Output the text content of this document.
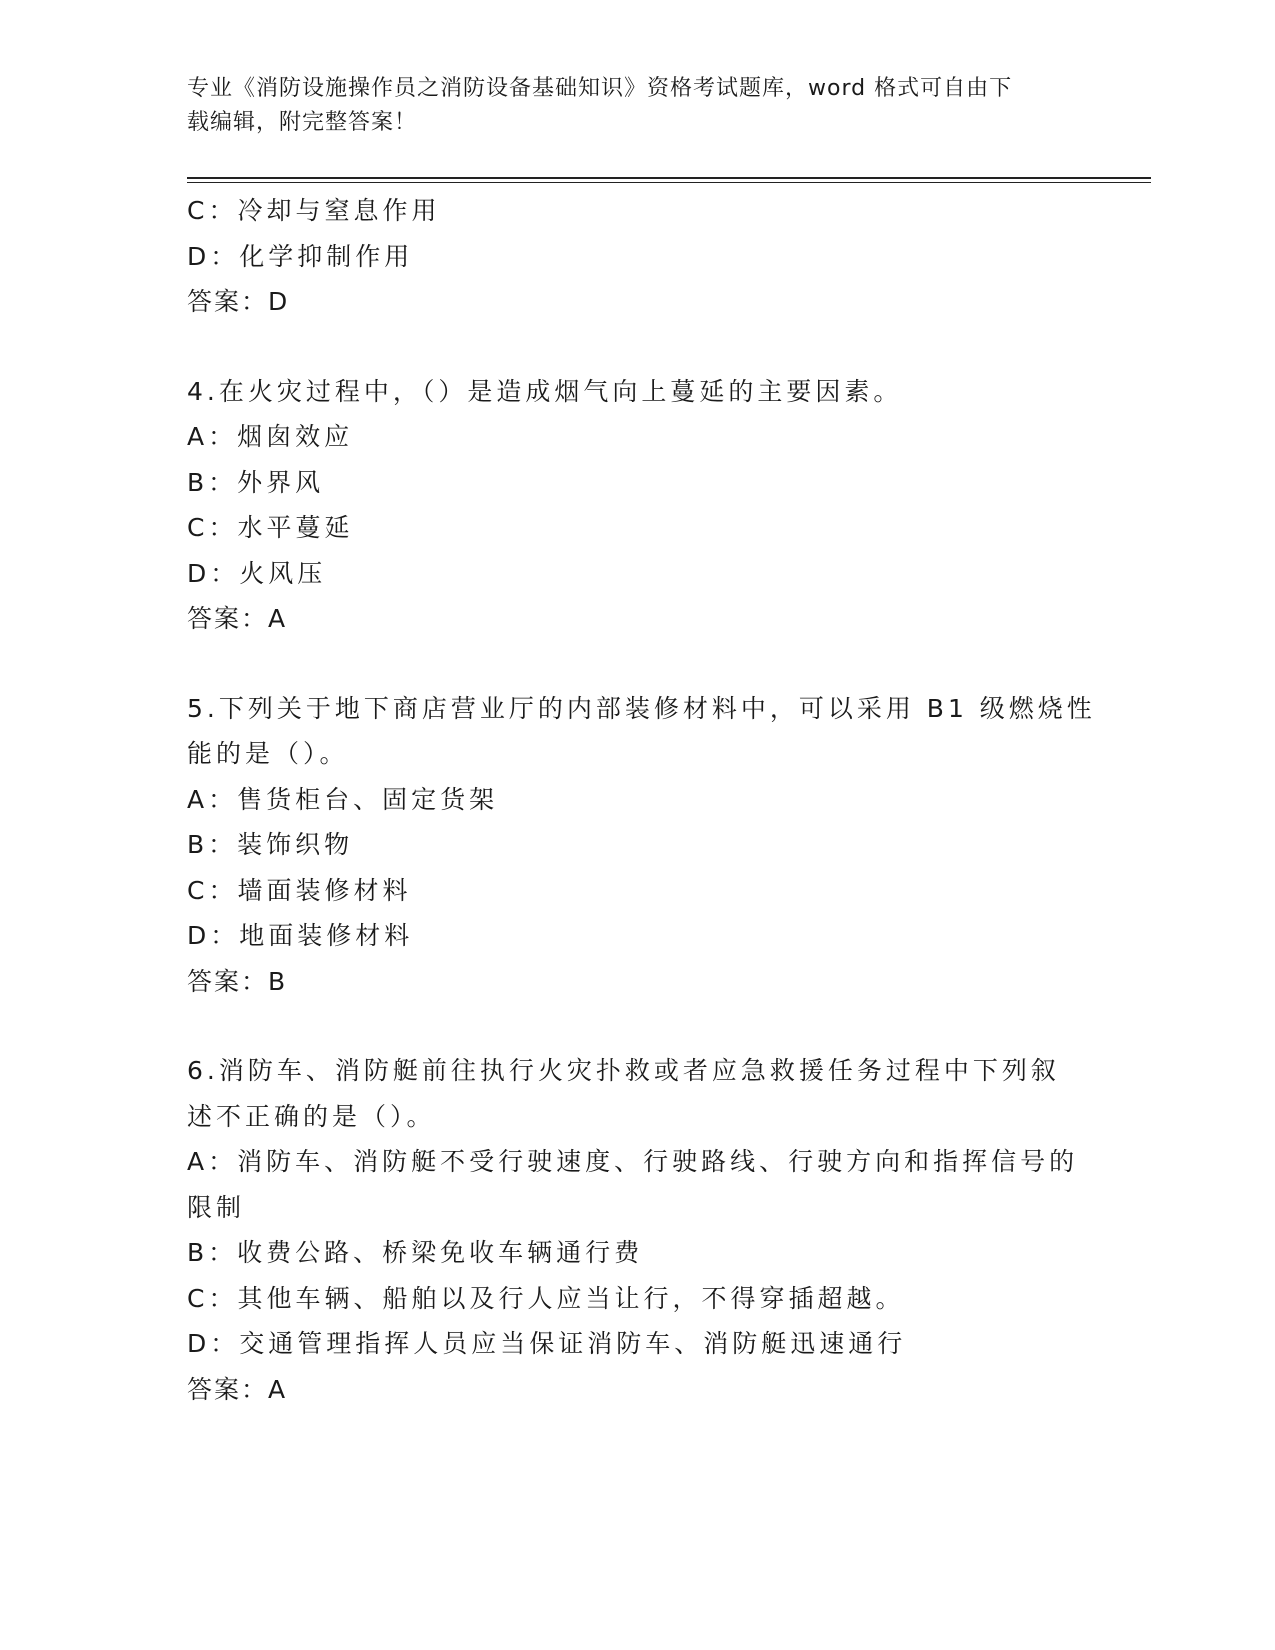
专业《消防设施操作员之消防设备基础知识》资格考试题库，word 格式可自由下
载编辑，附完整答案！
C：冷却与窒息作用
D：化学抑制作用
答案：D
4.在火灾过程中，（）是造成烟气向上蔓延的主要因素。
A：烟囱效应
B：外界风
C：水平蔓延
D：火风压
答案：A
5.下列关于地下商店营业厅的内部装修材料中，可以采用 B1 级燃烧性
能的是（）。
A：售货柜台、固定货架
B：装饰织物
C：墙面装修材料
D：地面装修材料
答案：B
6.消防车、消防艇前往执行火灾扑救或者应急救援任务过程中下列叙
述不正确的是（）。
A：消防车、消防艇不受行驶速度、行驶路线、行驶方向和指挥信号的
限制
B：收费公路、桥梁免收车辆通行费
C：其他车辆、船舶以及行人应当让行，不得穿插超越。
D：交通管理指挥人员应当保证消防车、消防艇迅速通行
答案：A
